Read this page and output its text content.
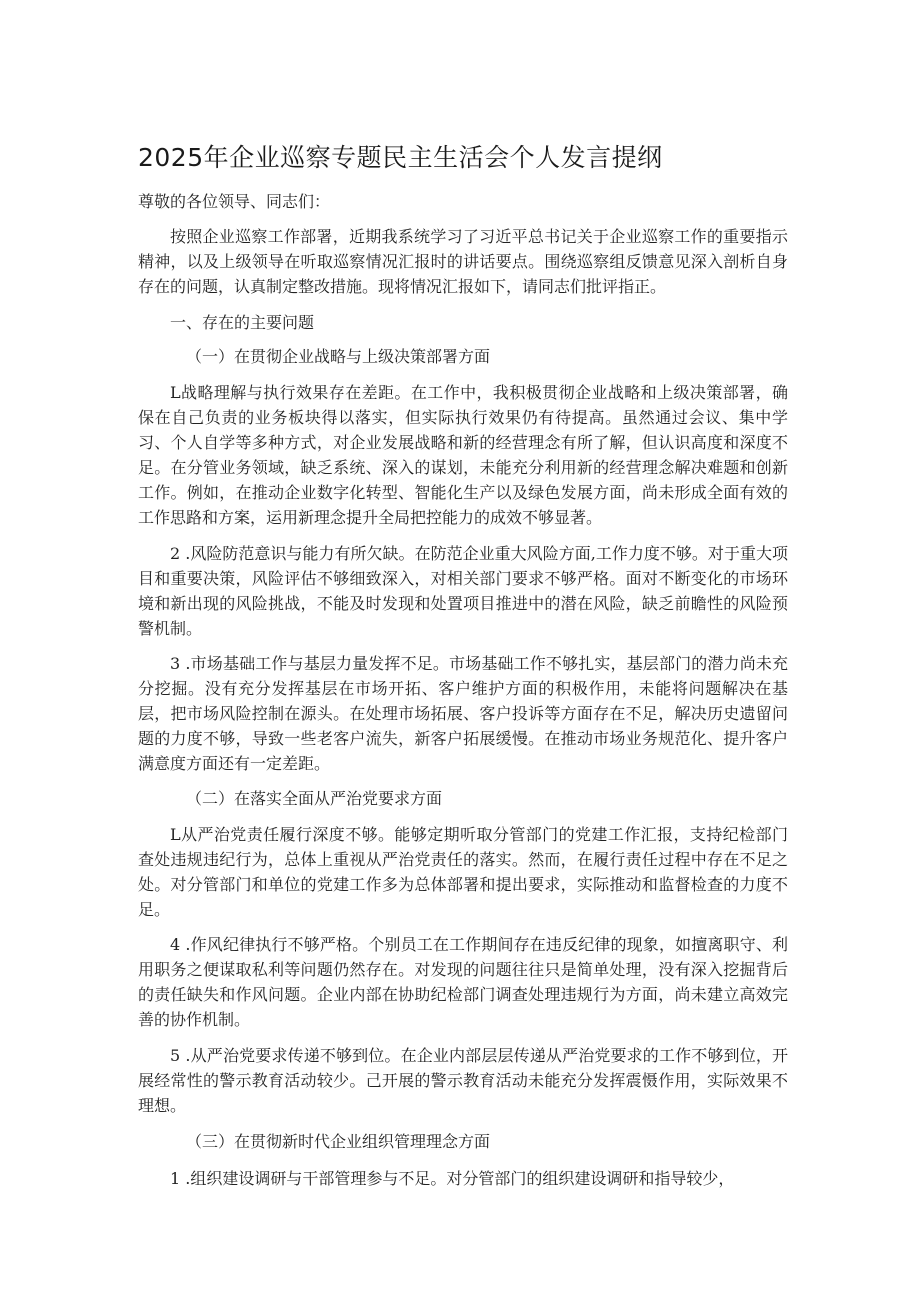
2025年企业巡察专题民主生活会个人发言提纲

尊敬的各位领导、同志们：

按照企业巡察工作部署，近期我系统学习了习近平总书记关于企业巡察工作的重要指示精神，以及上级领导在听取巡察情况汇报时的讲话要点。围绕巡察组反馈意见深入剖析自身存在的问题，认真制定整改措施。现将情况汇报如下，请同志们批评指正。

一、存在的主要问题

（一）在贯彻企业战略与上级决策部署方面

L战略理解与执行效果存在差距。在工作中，我积极贯彻企业战略和上级决策部署，确保在自己负责的业务板块得以落实，但实际执行效果仍有待提高。虽然通过会议、集中学习、个人自学等多种方式，对企业发展战略和新的经营理念有所了解，但认识高度和深度不足。在分管业务领域，缺乏系统、深入的谋划，未能充分利用新的经营理念解决难题和创新工作。例如，在推动企业数字化转型、智能化生产以及绿色发展方面，尚未形成全面有效的工作思路和方案，运用新理念提升全局把控能力的成效不够显著。

2 .风险防范意识与能力有所欠缺。在防范企业重大风险方面,工作力度不够。对于重大项目和重要决策，风险评估不够细致深入，对相关部门要求不够严格。面对不断变化的市场环境和新出现的风险挑战，不能及时发现和处置项目推进中的潜在风险，缺乏前瞻性的风险预警机制。

3 .市场基础工作与基层力量发挥不足。市场基础工作不够扎实，基层部门的潜力尚未充分挖掘。没有充分发挥基层在市场开拓、客户维护方面的积极作用，未能将问题解决在基层，把市场风险控制在源头。在处理市场拓展、客户投诉等方面存在不足，解决历史遗留问题的力度不够，导致一些老客户流失，新客户拓展缓慢。在推动市场业务规范化、提升客户满意度方面还有一定差距。

（二）在落实全面从严治党要求方面

L从严治党责任履行深度不够。能够定期听取分管部门的党建工作汇报，支持纪检部门查处违规违纪行为，总体上重视从严治党责任的落实。然而，在履行责任过程中存在不足之处。对分管部门和单位的党建工作多为总体部署和提出要求，实际推动和监督检查的力度不足。

4 .作风纪律执行不够严格。个别员工在工作期间存在违反纪律的现象，如擅离职守、利用职务之便谋取私利等问题仍然存在。对发现的问题往往只是简单处理，没有深入挖掘背后的责任缺失和作风问题。企业内部在协助纪检部门调查处理违规行为方面，尚未建立高效完善的协作机制。

5 .从严治党要求传递不够到位。在企业内部层层传递从严治党要求的工作不够到位，开展经常性的警示教育活动较少。己开展的警示教育活动未能充分发挥震慑作用，实际效果不理想。

（三）在贯彻新时代企业组织管理理念方面

1 .组织建设调研与干部管理参与不足。对分管部门的组织建设调研和指导较少，
